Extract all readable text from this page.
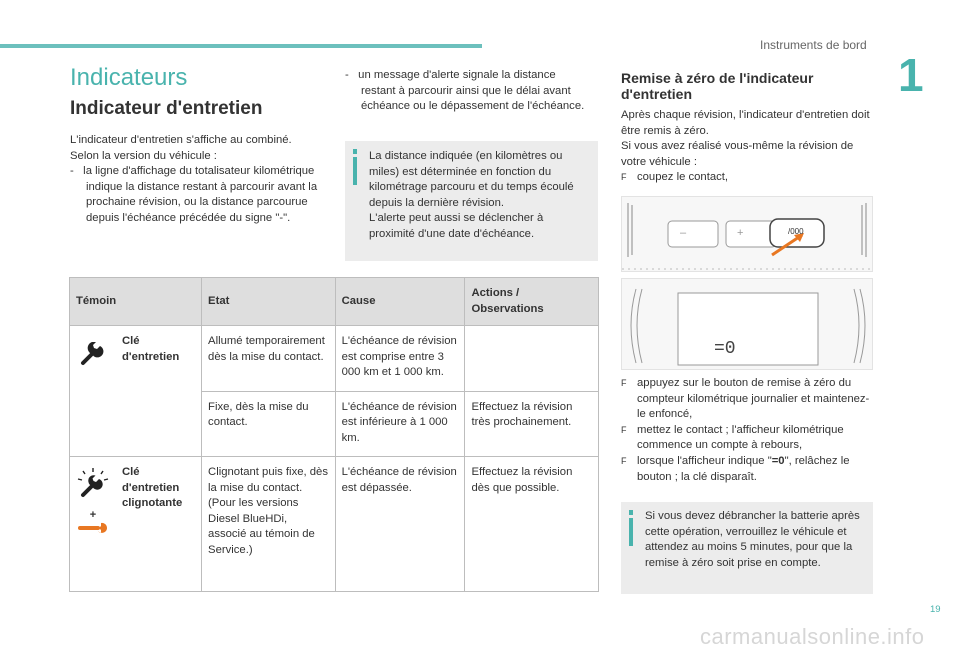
Instruments de bord
1
Indicateurs
Indicateur d'entretien
L'indicateur d'entretien s'affiche au combiné.
Selon la version du véhicule :
-   la ligne d'affichage du totalisateur kilométrique indique la distance restant à parcourir avant la prochaine révision, ou la distance parcourue depuis l'échéance précédée du signe "-".
-   un message d'alerte signale la distance restant à parcourir ainsi que le délai avant échéance ou le dépassement de l'échéance.
La distance indiquée (en kilomètres ou miles) est déterminée en fonction du kilométrage parcouru et du temps écoulé depuis la dernière révision.
L'alerte peut aussi se déclencher à proximité d'une date d'échéance.
Témoin		Etat	Cause	Actions / Observations
	Clé d'entretien	Allumé temporairement dès la mise du contact.	L'échéance de révision est comprise entre 3 000 km et 1 000 km.	
		Fixe, dès la mise du contact.	L'échéance de révision est inférieure à 1 000 km.	Effectuez la révision très prochainement.

+	Clé d'entretien clignotante	Clignotant puis fixe, dès la mise du contact. (Pour les versions Diesel BlueHDi, associé au témoin de Service.)	L'échéance de révision est dépassée.	Effectuez la révision dès que possible.
Remise à zéro de l'indicateur
d'entretien
Après chaque révision, l'indicateur d'entretien doit être remis à zéro.
Si vous avez réalisé vous-même la révision de votre véhicule :
F coupez le contact,
–	+	/000
=0
F appuyez sur le bouton de remise à zéro du compteur kilométrique journalier et maintenez-le enfoncé,
F mettez le contact ; l'afficheur kilométrique commence un compte à rebours,
F lorsque l'afficheur indique "=0", relâchez le bouton ; la clé disparaît.
Si vous devez débrancher la batterie après cette opération, verrouillez le véhicule et attendez au moins 5 minutes, pour que la remise à zéro soit prise en compte.
19
carmanualsonline.info
